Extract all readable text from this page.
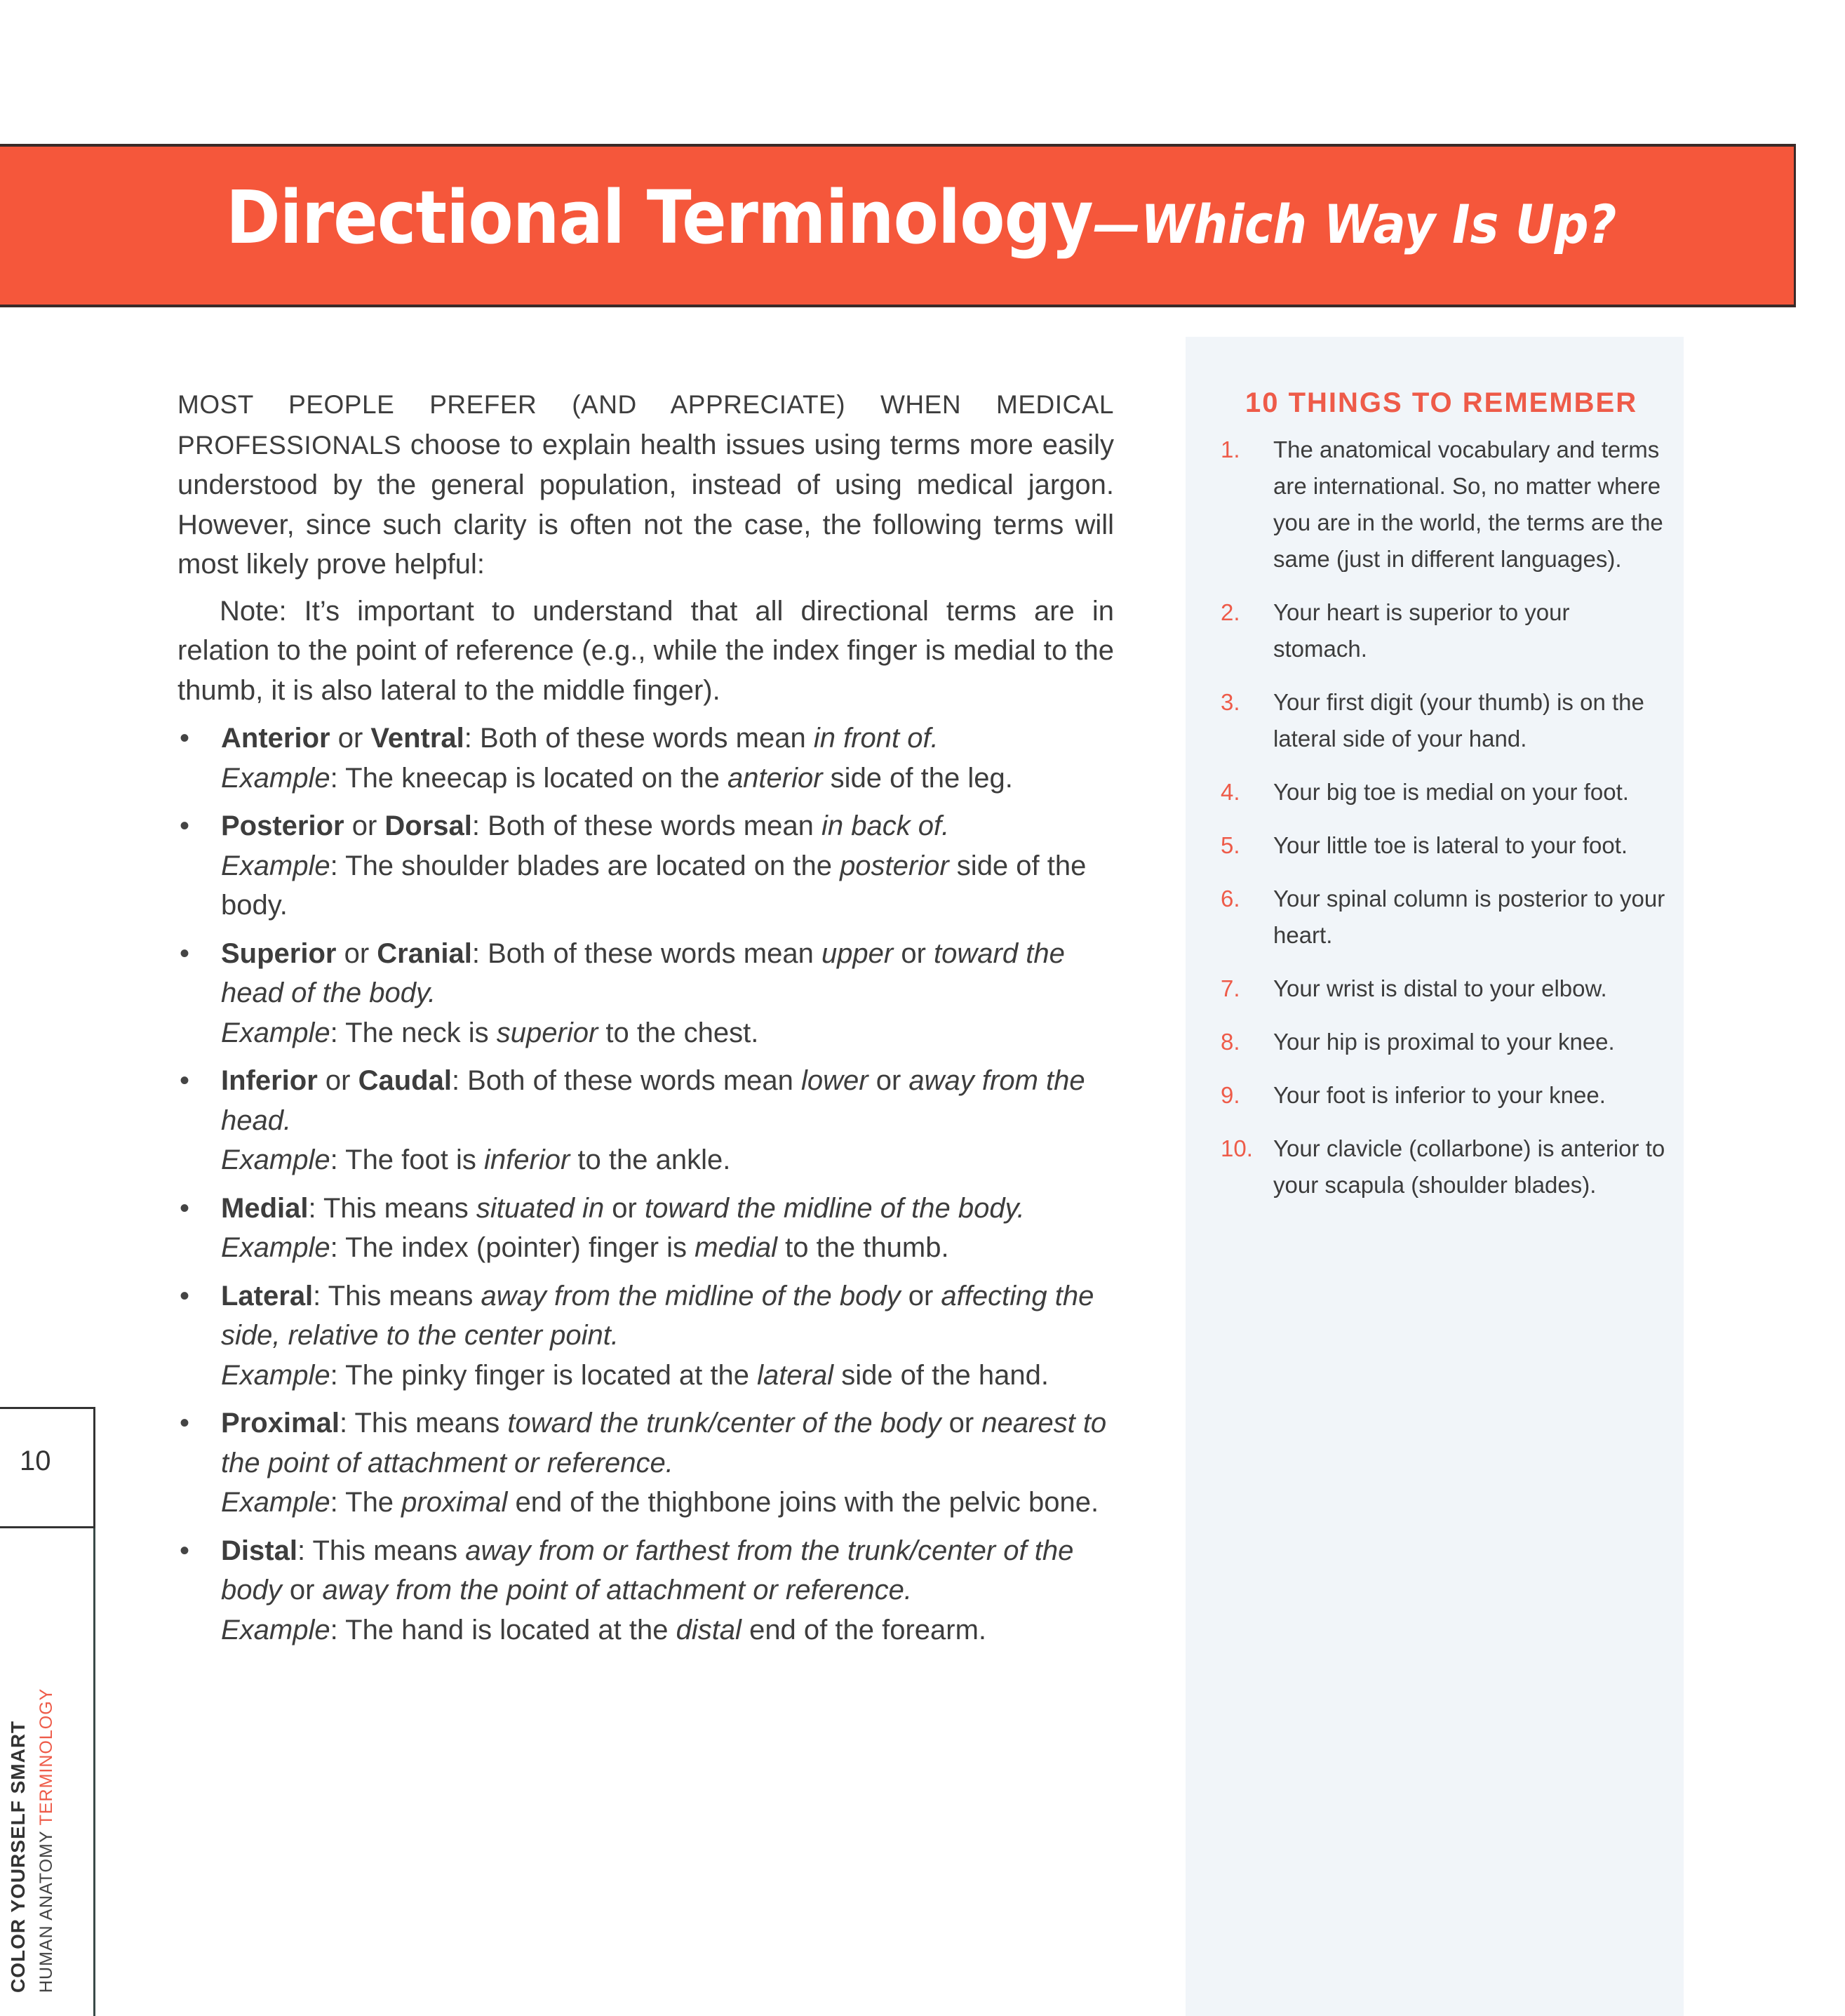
Directional Terminology—Which Way Is Up?

MOST PEOPLE PREFER (AND APPRECIATE) WHEN MEDICAL PROFESSIONALS choose to explain health issues using terms more easily understood by the general population, instead of using medical jargon. However, since such clarity is often not the case, the following terms will most likely prove helpful:

Note: It’s important to understand that all directional terms are in relation to the point of reference (e.g., while the index finger is medial to the thumb, it is also lateral to the middle finger).

• Anterior or Ventral: Both of these words mean in front of.
Example: The kneecap is located on the anterior side of the leg.
• Posterior or Dorsal: Both of these words mean in back of.
Example: The shoulder blades are located on the posterior side of the body.
• Superior or Cranial: Both of these words mean upper or toward the head of the body.
Example: The neck is superior to the chest.
• Inferior or Caudal: Both of these words mean lower or away from the head.
Example: The foot is inferior to the ankle.
• Medial: This means situated in or toward the midline of the body.
Example: The index (pointer) finger is medial to the thumb.
• Lateral: This means away from the midline of the body or affecting the side, relative to the center point.
Example: The pinky finger is located at the lateral side of the hand.
• Proximal: This means toward the trunk/center of the body or nearest to the point of attachment or reference.
Example: The proximal end of the thighbone joins with the pelvic bone.
• Distal: This means away from or farthest from the trunk/center of the body or away from the point of attachment or reference.
Example: The hand is located at the distal end of the forearm.
10 THINGS TO REMEMBER
1. The anatomical vocabulary and terms are international. So, no matter where you are in the world, the terms are the same (just in different languages).
2. Your heart is superior to your stomach.
3. Your first digit (your thumb) is on the lateral side of your hand.
4. Your big toe is medial on your foot.
5. Your little toe is lateral to your foot.
6. Your spinal column is posterior to your heart.
7. Your wrist is distal to your elbow.
8. Your hip is proximal to your knee.
9. Your foot is inferior to your knee.
10. Your clavicle (collarbone) is anterior to your scapula (shoulder blades).
10
COLOR YOURSELF SMART HUMAN ANATOMY TERMINOLOGY
